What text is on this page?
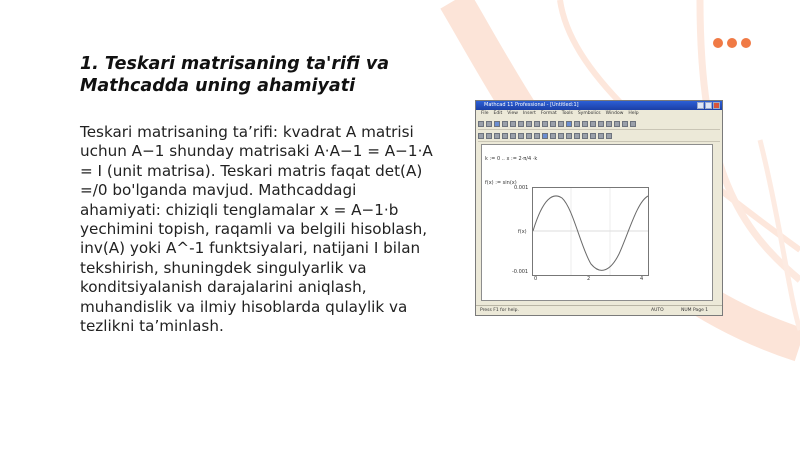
1. Teskari matrisaning ta'rifi va Mathcadda uning ahamiyati
Teskari matrisaning ta’rifi: kvadrat A matrisi uchun A−1 shunday matrisaki A·A−1 = A−1·A = I (unit matrisa). Teskari matris faqat det(A) =/0 bo'lganda mavjud. Mathcaddagi ahamiyati: chiziqli tenglamalar x = A−1·b yechimini topish, raqamli va belgili hisoblash, inv(A) yoki A^-1 funktsiyalari, natijani I bilan tekshirish, shuningdek singulyarlik va konditsiyalanish darajalarini aniqlash, muhandislik va ilmiy hisoblarda qulaylik va tezlikni ta’minlash.
Mathcad 11 Professional - [Untitled:1]
File Edit View Insert Format Tools Symbolics Window Help
k := 0 .. x := 2·π/4 ·k
f(x) := sin(x)
0.001
f(x)
-0.001
0	2	4
Press F1 for help.	AUTO	NUM Page 1
